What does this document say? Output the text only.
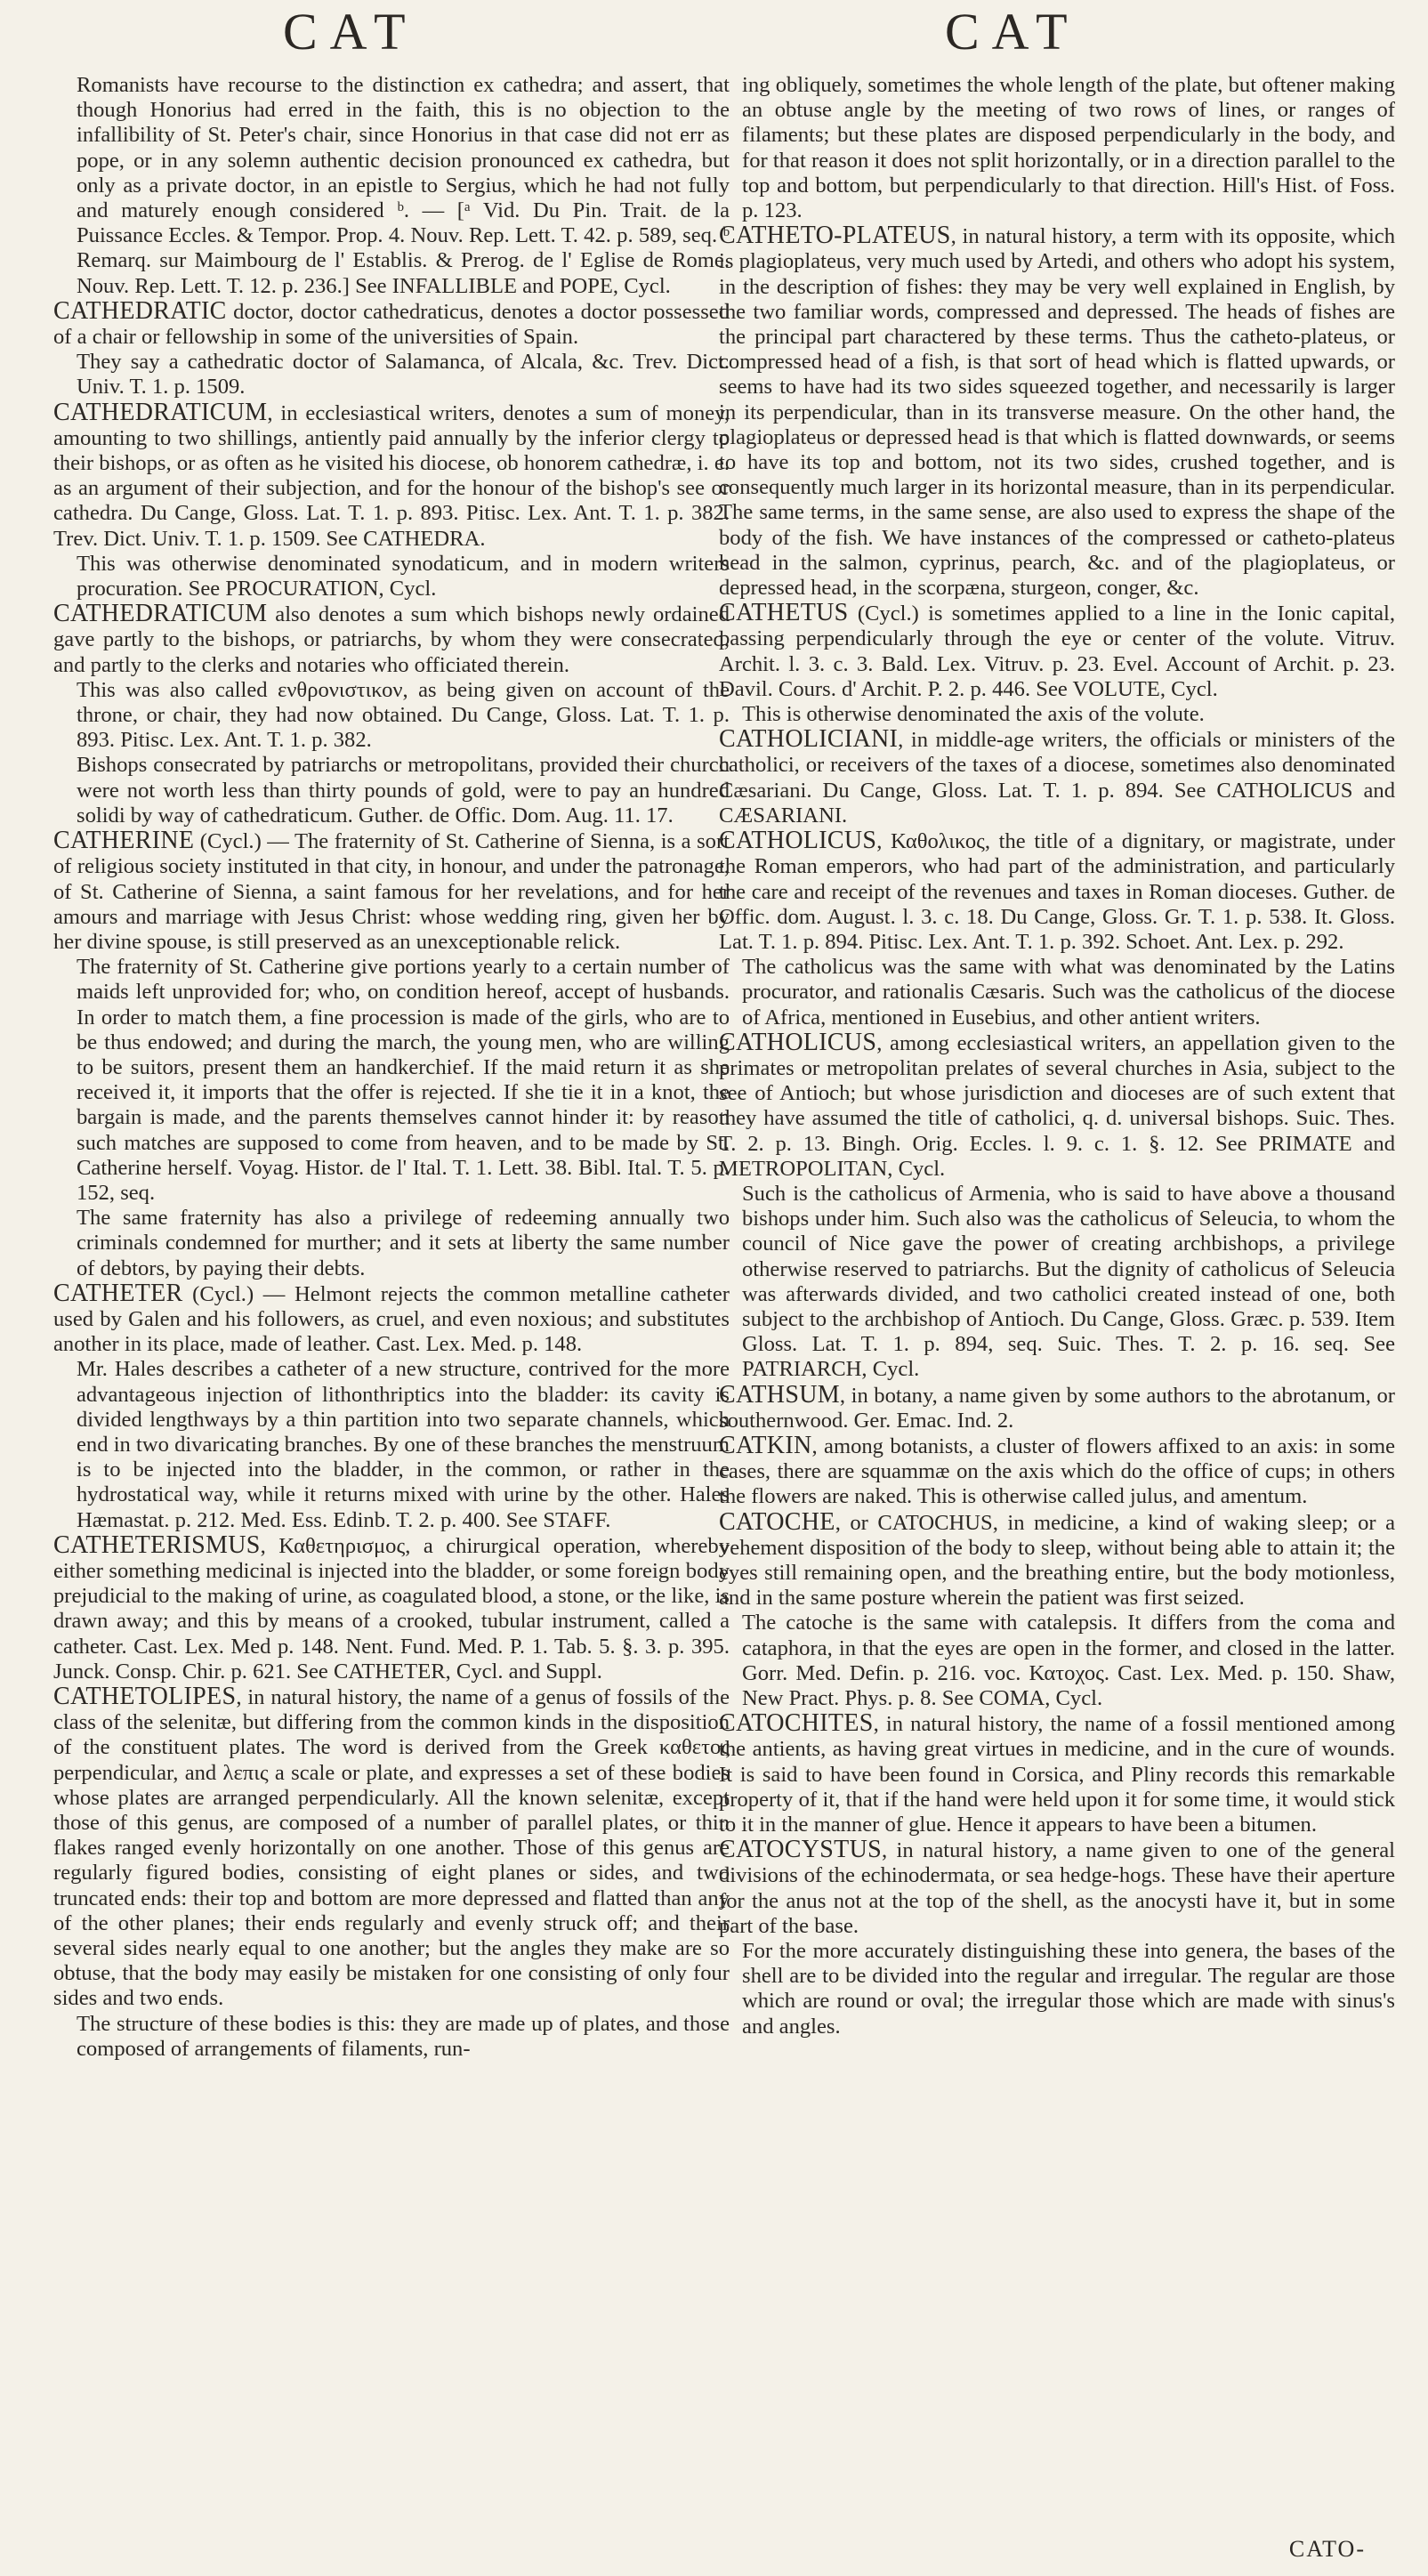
CAT	CAT

Romanists have recourse to the distinction ex cathedra; and assert, that though Honorius had erred in the faith, this is no objection to the infallibility of St. Peter's chair, since Honorius in that case did not err as pope, or in any solemn authentic decision pronounced ex cathedra, but only as a private doctor, in an epistle to Sergius, which he had not fully and maturely enough considered ᵇ. — [ᵃ Vid. Du Pin. Trait. de la Puissance Eccles. & Tempor. Prop. 4. Nouv. Rep. Lett. T. 42. p. 589, seq. ᵇ Remarq. sur Maimbourg de l' Establis. & Prerog. de l' Eglise de Rome. Nouv. Rep. Lett. T. 12. p. 236.] See INFALLIBLE and POPE, Cycl.

CATHEDRATIC doctor, doctor cathedraticus, denotes a doctor possessed of a chair or fellowship in some of the universities of Spain.

They say a cathedratic doctor of Salamanca, of Alcala, &c. Trev. Dict. Univ. T. 1. p. 1509.

CATHEDRATICUM, in ecclesiastical writers, denotes a sum of money, amounting to two shillings, antiently paid annually by the inferior clergy to their bishops, or as often as he visited his diocese, ob honorem cathedræ, i. e. as an argument of their subjection, and for the honour of the bishop's see or cathedra. Du Cange, Gloss. Lat. T. 1. p. 893. Pitisc. Lex. Ant. T. 1. p. 382. Trev. Dict. Univ. T. 1. p. 1509. See CATHEDRA.

This was otherwise denominated synodaticum, and in modern writers procuration. See PROCURATION, Cycl.

CATHEDRATICUM also denotes a sum which bishops newly ordained gave partly to the bishops, or patriarchs, by whom they were consecrated, and partly to the clerks and notaries who officiated therein.

This was also called ενθρονιστικον, as being given on account of the throne, or chair, they had now obtained. Du Cange, Gloss. Lat. T. 1. p. 893. Pitisc. Lex. Ant. T. 1. p. 382.

Bishops consecrated by patriarchs or metropolitans, provided their church were not worth less than thirty pounds of gold, were to pay an hundred solidi by way of cathedraticum. Guther. de Offic. Dom. Aug. 11. 17.

CATHERINE (Cycl.) — The fraternity of St. Catherine of Sienna, is a sort of religious society instituted in that city, in honour, and under the patronage, of St. Catherine of Sienna, a saint famous for her revelations, and for her amours and marriage with Jesus Christ: whose wedding ring, given her by her divine spouse, is still preserved as an unexceptionable relick.

The fraternity of St. Catherine give portions yearly to a certain number of maids left unprovided for; who, on condition hereof, accept of husbands. In order to match them, a fine procession is made of the girls, who are to be thus endowed; and during the march, the young men, who are willing to be suitors, present them an handkerchief. If the maid return it as she received it, it imports that the offer is rejected. If she tie it in a knot, the bargain is made, and the parents themselves cannot hinder it: by reason such matches are supposed to come from heaven, and to be made by St. Catherine herself. Voyag. Histor. de l' Ital. T. 1. Lett. 38. Bibl. Ital. T. 5. p. 152, seq.

The same fraternity has also a privilege of redeeming annually two criminals condemned for murther; and it sets at liberty the same number of debtors, by paying their debts.

CATHETER (Cycl.) — Helmont rejects the common metalline catheter used by Galen and his followers, as cruel, and even noxious; and substitutes another in its place, made of leather. Cast. Lex. Med. p. 148.

Mr. Hales describes a catheter of a new structure, contrived for the more advantageous injection of lithonthriptics into the bladder: its cavity is divided lengthways by a thin partition into two separate channels, which end in two divaricating branches. By one of these branches the menstruum is to be injected into the bladder, in the common, or rather in the hydrostatical way, while it returns mixed with urine by the other. Hales Hæmastat. p. 212. Med. Ess. Edinb. T. 2. p. 400. See STAFF.

CATHETERISMUS, Καθετηρισμος, a chirurgical operation, whereby either something medicinal is injected into the bladder, or some foreign body prejudicial to the making of urine, as coagulated blood, a stone, or the like, is drawn away; and this by means of a crooked, tubular instrument, called a catheter. Cast. Lex. Med p. 148. Nent. Fund. Med. P. 1. Tab. 5. §. 3. p. 395. Junck. Consp. Chir. p. 621. See CATHETER, Cycl. and Suppl.

CATHETOLIPES, in natural history, the name of a genus of fossils of the class of the selenitæ, but differing from the common kinds in the disposition of the constituent plates. The word is derived from the Greek καθετος perpendicular, and λεπις a scale or plate, and expresses a set of these bodies whose plates are arranged perpendicularly. All the known selenitæ, except those of this genus, are composed of a number of parallel plates, or thin flakes ranged evenly horizontally on one another. Those of this genus are regularly figured bodies, consisting of eight planes or sides, and two truncated ends: their top and bottom are more depressed and flatted than any of the other planes; their ends regularly and evenly struck off; and their several sides nearly equal to one another; but the angles they make are so obtuse, that the body may easily be mistaken for one consisting of only four sides and two ends.

The structure of these bodies is this: they are made up of plates, and those composed of arrangements of filaments, run-

ing obliquely, sometimes the whole length of the plate, but oftener making an obtuse angle by the meeting of two rows of lines, or ranges of filaments; but these plates are disposed perpendicularly in the body, and for that reason it does not split horizontally, or in a direction parallel to the top and bottom, but perpendicularly to that direction. Hill's Hist. of Foss. p. 123.

CATHETO-PLATEUS, in natural history, a term with its opposite, which is plagioplateus, very much used by Artedi, and others who adopt his system, in the description of fishes: they may be very well explained in English, by the two familiar words, compressed and depressed. The heads of fishes are the principal part charactered by these terms. Thus the catheto-plateus, or compressed head of a fish, is that sort of head which is flatted upwards, or seems to have had its two sides squeezed together, and necessarily is larger in its perpendicular, than in its transverse measure. On the other hand, the plagioplateus or depressed head is that which is flatted downwards, or seems to have its top and bottom, not its two sides, crushed together, and is consequently much larger in its horizontal measure, than in its perpendicular. The same terms, in the same sense, are also used to express the shape of the body of the fish. We have instances of the compressed or catheto-plateus head in the salmon, cyprinus, pearch, &c. and of the plagioplateus, or depressed head, in the scorpæna, sturgeon, conger, &c.

CATHETUS (Cycl.) is sometimes applied to a line in the Ionic capital, passing perpendicularly through the eye or center of the volute. Vitruv. Archit. l. 3. c. 3. Bald. Lex. Vitruv. p. 23. Evel. Account of Archit. p. 23. Davil. Cours. d' Archit. P. 2. p. 446. See VOLUTE, Cycl.

This is otherwise denominated the axis of the volute.

CATHOLICIANI, in middle-age writers, the officials or ministers of the catholici, or receivers of the taxes of a diocese, sometimes also denominated Cæsariani. Du Cange, Gloss. Lat. T. 1. p. 894. See CATHOLICUS and CÆSARIANI.

CATHOLICUS, Καθολικος, the title of a dignitary, or magistrate, under the Roman emperors, who had part of the administration, and particularly the care and receipt of the revenues and taxes in Roman dioceses. Guther. de Offic. dom. August. l. 3. c. 18. Du Cange, Gloss. Gr. T. 1. p. 538. It. Gloss. Lat. T. 1. p. 894. Pitisc. Lex. Ant. T. 1. p. 392. Schoet. Ant. Lex. p. 292.

The catholicus was the same with what was denominated by the Latins procurator, and rationalis Cæsaris. Such was the catholicus of the diocese of Africa, mentioned in Eusebius, and other antient writers.

CATHOLICUS, among ecclesiastical writers, an appellation given to the primates or metropolitan prelates of several churches in Asia, subject to the see of Antioch; but whose jurisdiction and dioceses are of such extent that they have assumed the title of catholici, q. d. universal bishops. Suic. Thes. T. 2. p. 13. Bingh. Orig. Eccles. l. 9. c. 1. §. 12. See PRIMATE and METROPOLITAN, Cycl.

Such is the catholicus of Armenia, who is said to have above a thousand bishops under him. Such also was the catholicus of Seleucia, to whom the council of Nice gave the power of creating archbishops, a privilege otherwise reserved to patriarchs. But the dignity of catholicus of Seleucia was afterwards divided, and two catholici created instead of one, both subject to the archbishop of Antioch. Du Cange, Gloss. Græc. p. 539. Item Gloss. Lat. T. 1. p. 894, seq. Suic. Thes. T. 2. p. 16. seq. See PATRIARCH, Cycl.

CATHSUM, in botany, a name given by some authors to the abrotanum, or southernwood. Ger. Emac. Ind. 2.

CATKIN, among botanists, a cluster of flowers affixed to an axis: in some cases, there are squammæ on the axis which do the office of cups; in others the flowers are naked. This is otherwise called julus, and amentum.

CATOCHE, or CATOCHUS, in medicine, a kind of waking sleep; or a vehement disposition of the body to sleep, without being able to attain it; the eyes still remaining open, and the breathing entire, but the body motionless, and in the same posture wherein the patient was first seized.

The catoche is the same with catalepsis. It differs from the coma and cataphora, in that the eyes are open in the former, and closed in the latter. Gorr. Med. Defin. p. 216. voc. Κατοχος. Cast. Lex. Med. p. 150. Shaw, New Pract. Phys. p. 8. See COMA, Cycl.

CATOCHITES, in natural history, the name of a fossil mentioned among the antients, as having great virtues in medicine, and in the cure of wounds. It is said to have been found in Corsica, and Pliny records this remarkable property of it, that if the hand were held upon it for some time, it would stick to it in the manner of glue. Hence it appears to have been a bitumen.

CATOCYSTUS, in natural history, a name given to one of the general divisions of the echinodermata, or sea hedge-hogs. These have their aperture for the anus not at the top of the shell, as the anocysti have it, but in some part of the base.

For the more accurately distinguishing these into genera, the bases of the shell are to be divided into the regular and irregular. The regular are those which are round or oval; the irregular those which are made with sinus's and angles.

CATO-
